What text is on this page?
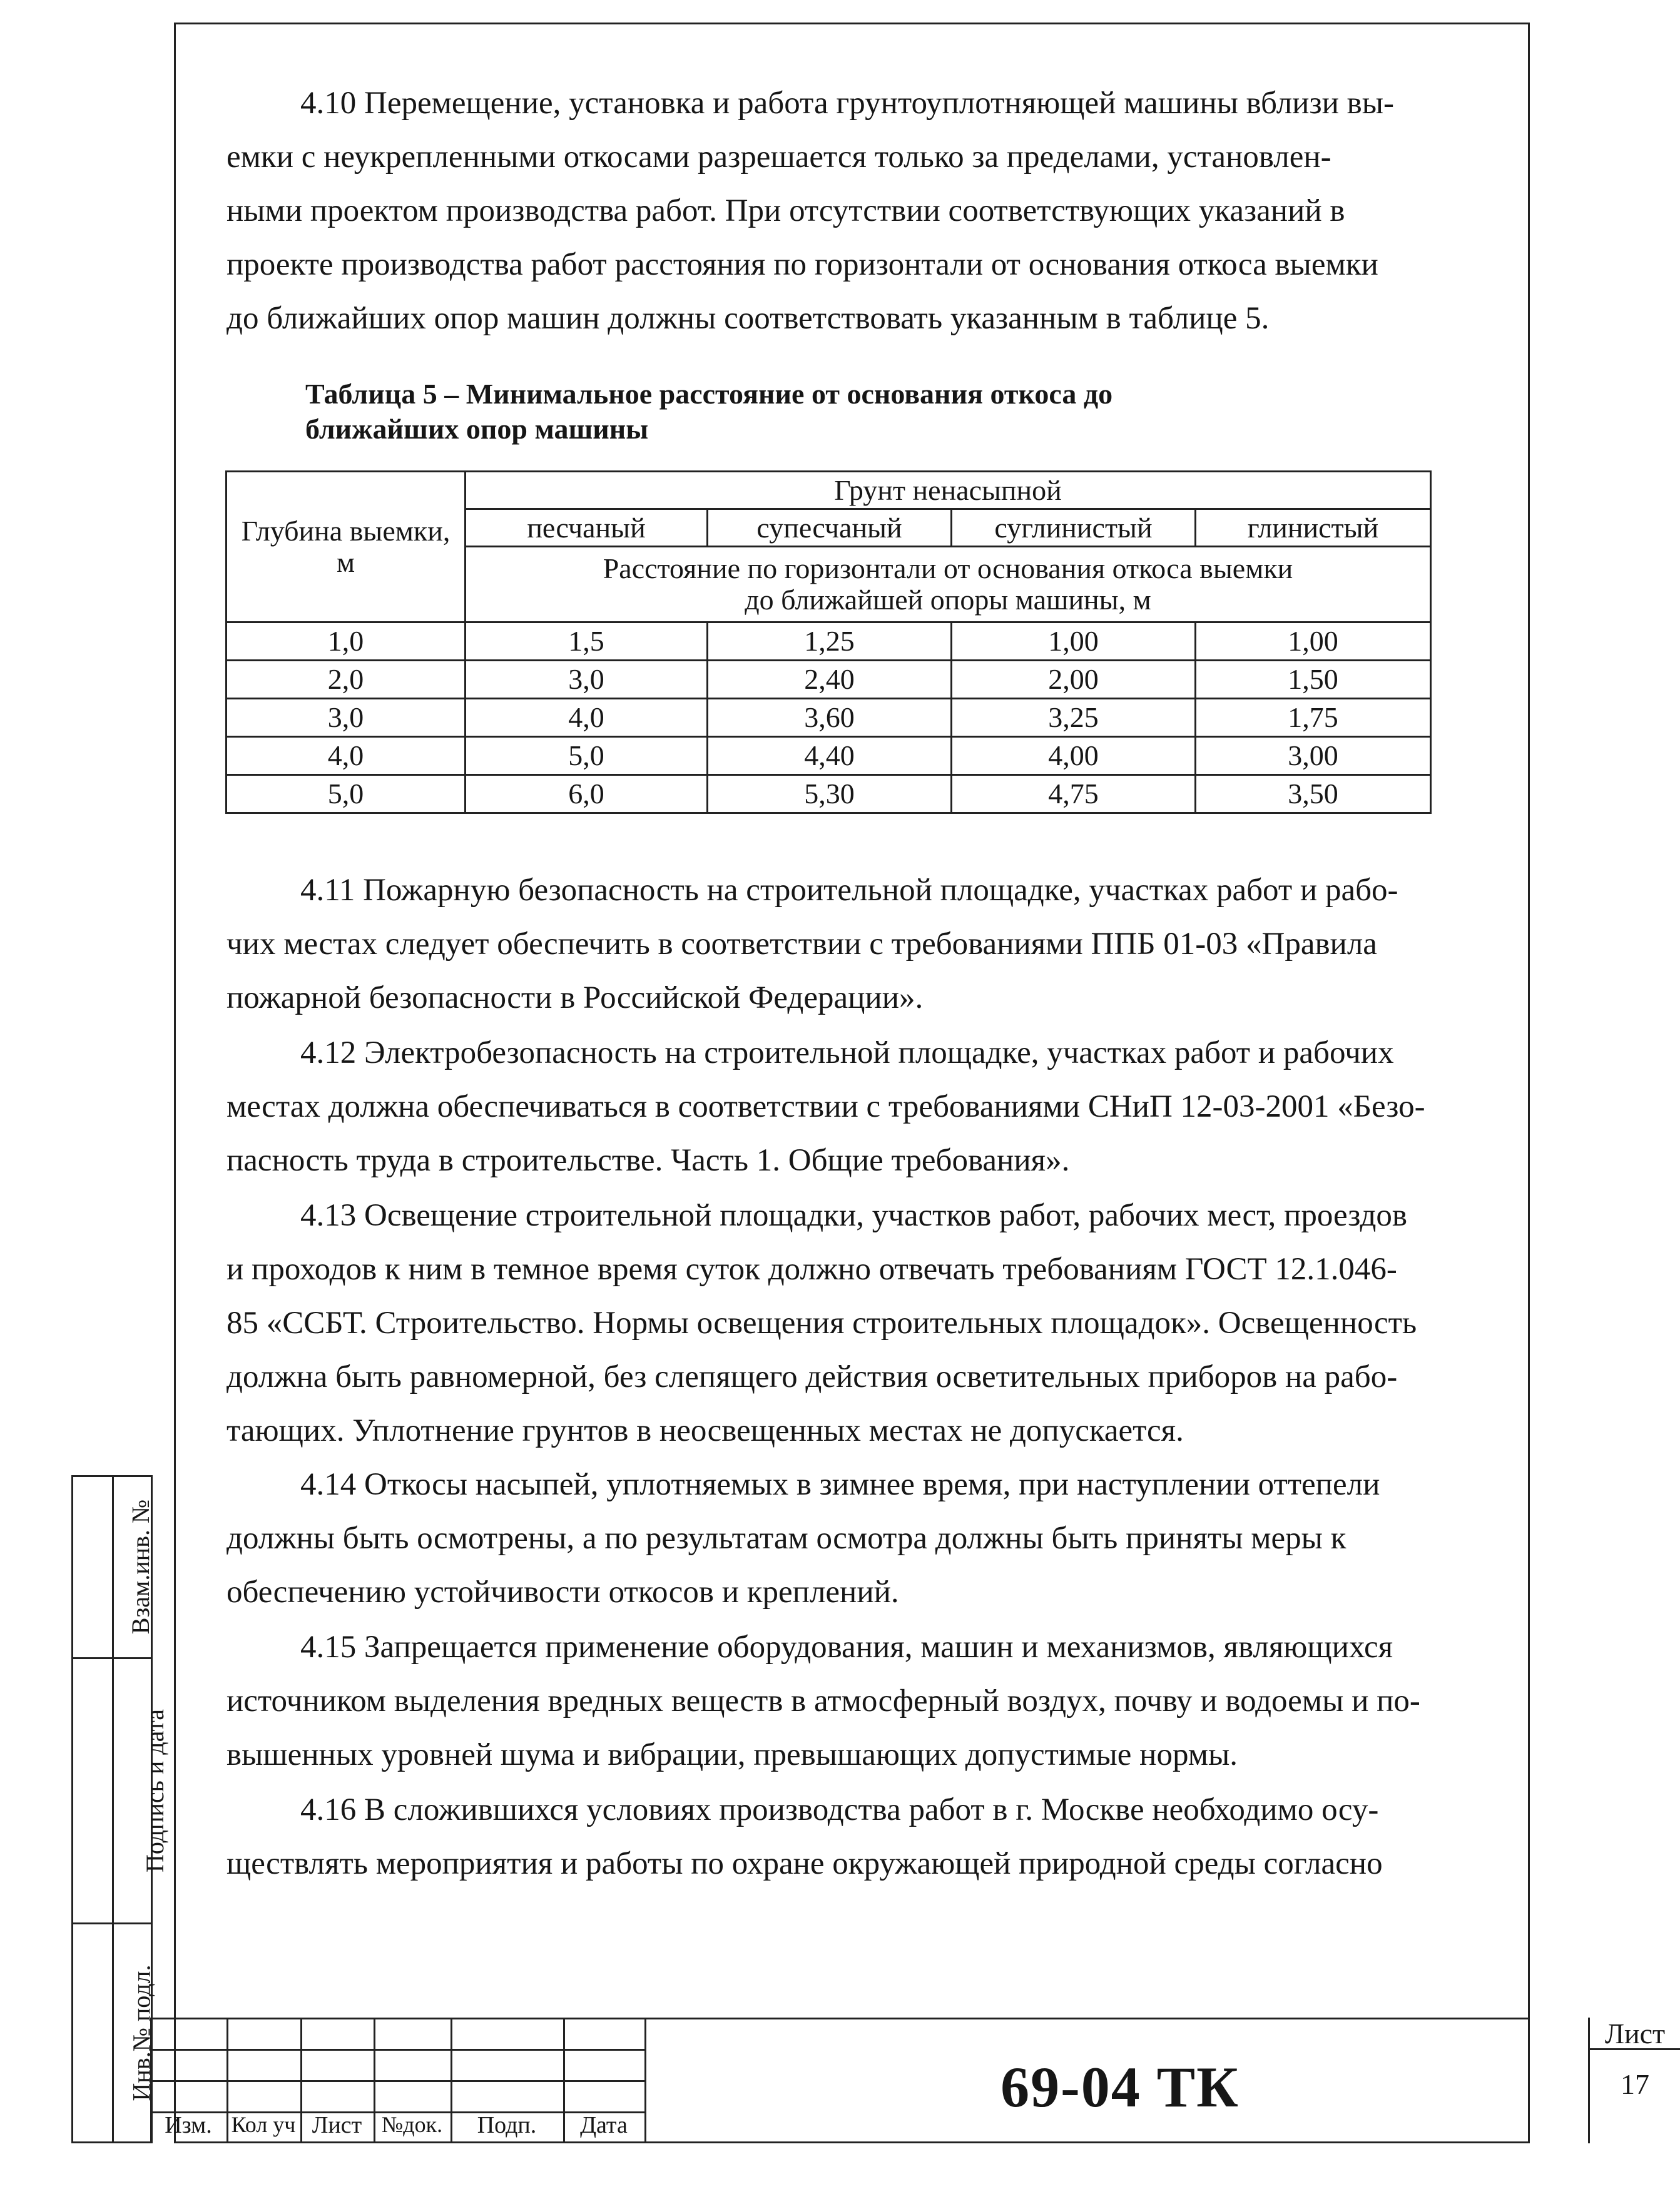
4.10 Перемещение, установка и работа грунтоуплотняющей машины вблизи вы-
емки с неукрепленными откосами разрешается только за пределами, установлен-
ными проектом производства работ. При отсутствии соответствующих указаний в
проекте производства работ расстояния по горизонтали от основания откоса выемки
до ближайших опор машин должны соответствовать указанным в таблице 5.
Таблица 5 – Минимальное расстояние от основания откоса до
ближайших опор машины
Глубина выемки,
м	Грунт ненасыпной			
	песчаный	супесчаный	суглинистый	глинистый

	Расстояние по горизонтали от основания откоса выемки
до ближайшей опоры машины, м			

1,0	1,5	1,25	1,00	1,00
2,0	3,0	2,40	2,00	1,50
3,0	4,0	3,60	3,25	1,75
4,0	5,0	4,40	4,00	3,00
5,0	6,0	5,30	4,75	3,50
4.11 Пожарную безопасность на строительной площадке, участках работ и рабо-
чих местах следует обеспечить в соответствии с требованиями ППБ 01-03 «Правила
пожарной безопасности в Российской Федерации».
4.12 Электробезопасность на строительной площадке, участках работ и рабочих
местах должна обеспечиваться в соответствии с требованиями СНиП 12-03-2001 «Безо-
пасность труда в строительстве. Часть 1. Общие требования».
4.13 Освещение строительной площадки, участков работ, рабочих мест, проездов
и проходов к ним в темное время суток должно отвечать требованиям ГОСТ 12.1.046-
85 «ССБТ. Строительство. Нормы освещения строительных площадок». Освещенность
должна быть равномерной, без слепящего действия осветительных приборов на рабо-
тающих. Уплотнение грунтов в неосвещенных местах не допускается.
4.14 Откосы насыпей, уплотняемых в зимнее время, при наступлении оттепели
должны быть осмотрены, а по результатам осмотра должны быть приняты меры к
обеспечению устойчивости откосов и креплений.
4.15 Запрещается применение оборудования, машин и механизмов, являющихся
источником выделения вредных веществ в атмосферный воздух, почву и водоемы и по-
вышенных уровней шума и вибрации, превышающих допустимые нормы.
4.16 В сложившихся условиях производства работ в г. Москве необходимо осу-
ществлять мероприятия и работы по охране окружающей природной среды согласно
Взам.инв. №
Подпись и дата
Инв.№ подл.
Изм. Кол уч Лист №док.	Подп.	Дата
69-04 ТК
Лист
17
